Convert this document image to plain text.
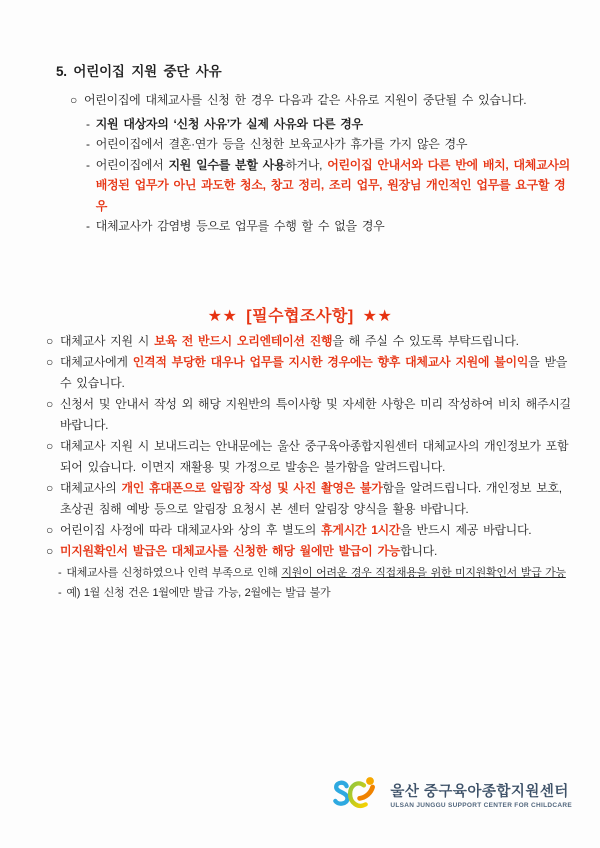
5. 어린이집 지원 중단 사유
○ 어린이집에 대체교사를 신청 한 경우 다음과 같은 사유로 지원이 중단될 수 있습니다.
- 지원 대상자의 ‘신청 사유’가 실제 사유와 다른 경우
- 어린이집에서 결혼·연가 등을 신청한 보육교사가 휴가를 가지 않은 경우
- 어린이집에서 지원 일수를 분할 사용하거나, 어린이집 안내서와 다른 반에 배치, 대체교사의 배정된 업무가 아닌 과도한 청소, 창고 정리, 조리 업무, 원장님 개인적인 업무를 요구할 경우
- 대체교사가 감염병 등으로 업무를 수행 할 수 없을 경우
★★ [필수협조사항] ★★
○ 대체교사 지원 시 보육 전 반드시 오리엔테이션 진행을 해 주실 수 있도록 부탁드립니다.
○ 대체교사에게 인격적 부당한 대우나 업무를 지시한 경우에는 향후 대체교사 지원에 불이익을 받을 수 있습니다.
○ 신청서 및 안내서 작성 외 해당 지원반의 특이사항 및 자세한 사항은 미리 작성하여 비치 해주시길 바랍니다.
○ 대체교사 지원 시 보내드리는 안내문에는 울산 중구육아종합지원센터 대체교사의 개인정보가 포함되어 있습니다. 이면지 재활용 및 가정으로 발송은 불가함을 알려드립니다.
○ 대체교사의 개인 휴대폰으로 알림장 작성 및 사진 촬영은 불가함을 알려드립니다. 개인정보 보호, 초상권 침해 예방 등으로 알림장 요청시 본 센터 알림장 양식을 활용 바랍니다.
○ 어린이집 사정에 따라 대체교사와 상의 후 별도의 휴게시간 1시간을 반드시 제공 바랍니다.
○ 미지원확인서 발급은 대체교사를 신청한 해당 월에만 발급이 가능합니다.
- 대체교사를 신청하였으나 인력 부족으로 인해 지원이 어려운 경우 직접채용을 위한 미지원확인서 발급 가능
- 예) 1월 신청 건은 1월에만 발급 가능, 2월에는 발급 불가
울산 중구육아종합지원센터
ULSAN JUNGGU SUPPORT CENTER FOR CHILDCARE
